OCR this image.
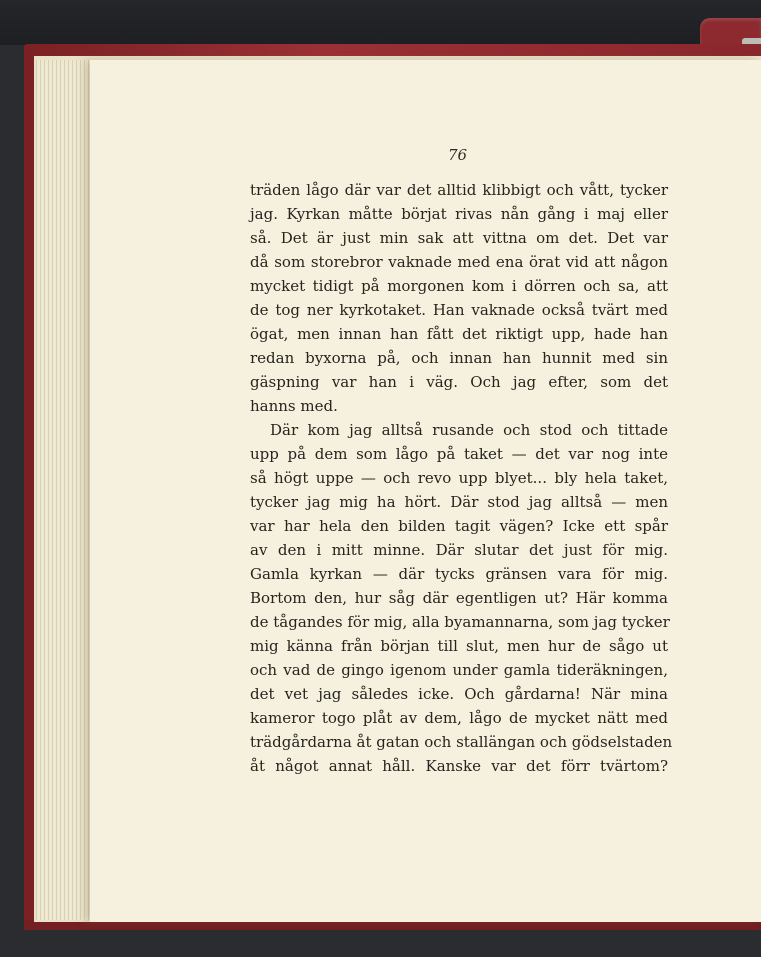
76
träden lågo där var det alltid klibbigt och vått, tycker
jag. Kyrkan måtte börjat rivas nån gång i maj eller
så. Det är just min sak att vittna om det. Det var
då som storebror vaknade med ena örat vid att någon
mycket tidigt på morgonen kom i dörren och sa, att
de tog ner kyrkotaket. Han vaknade också tvärt med
ögat, men innan han fått det riktigt upp, hade han
redan byxorna på, och innan han hunnit med sin
gäspning var han i väg. Och jag efter, som det
hanns med.
Där kom jag alltså rusande och stod och tittade
upp på dem som lågo på taket — det var nog inte
så högt uppe — och revo upp blyet... bly hela taket,
tycker jag mig ha hört. Där stod jag alltså — men
var har hela den bilden tagit vägen? Icke ett spår
av den i mitt minne. Där slutar det just för mig.
Gamla kyrkan — där tycks gränsen vara för mig.
Bortom den, hur såg där egentligen ut? Här komma
de tågandes för mig, alla byamannarna, som jag tycker
mig känna från början till slut, men hur de sågo ut
och vad de gingo igenom under gamla tideräkningen,
det vet jag således icke. Och gårdarna! När mina
kameror togo plåt av dem, lågo de mycket nätt med
trädgårdarna åt gatan och stallängan och gödselstaden
åt något annat håll. Kanske var det förr tvärtom?
